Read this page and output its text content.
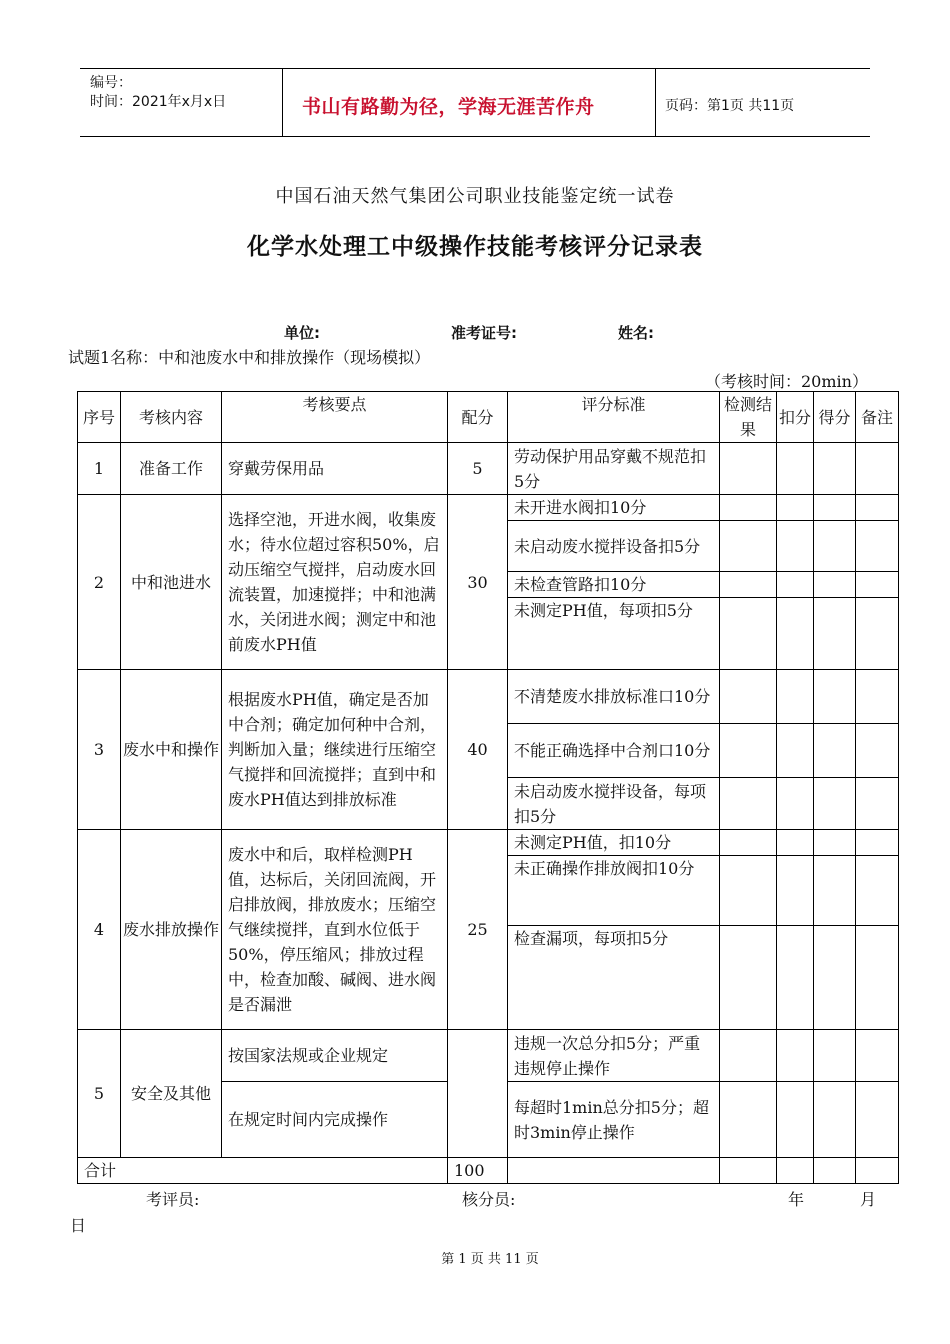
编号：
时间：2021年x月x日	书山有路勤为径，学海无涯苦作舟	页码：第1页 共11页
中国石油天然气集团公司职业技能鉴定统一试卷
化学水处理工中级操作技能考核评分记录表
单位:	准考证号:	姓名:
试题1名称：中和池废水中和排放操作（现场模拟）
（考核时间：20min）
序号	考核内容	考核要点	配分	评分标准	检测结果	扣分	得分	备注
1	准备工作	穿戴劳保用品	5	劳动保护用品穿戴不规范扣5分				
2	中和池进水	选择空池，开进水阀，收集废水；待水位超过容积50%，启动压缩空气搅拌，启动废水回流装置，加速搅拌；中和池满水，关闭进水阀；测定中和池前废水PH值	30	未开进水阀扣10分				
				未启动废水搅拌设备扣5分				
				未检查管路扣10分				
				未测定PH值，每项扣5分				
3	废水中和操作	根据废水PH值，确定是否加中合剂；确定加何种中合剂，判断加入量；继续进行压缩空气搅拌和回流搅拌；直到中和废水PH值达到排放标准	40	不清楚废水排放标准口10分				
				不能正确选择中合剂口10分				
				未启动废水搅拌设备，每项扣5分				
4	废水排放操作	废水中和后，取样检测PH值，达标后，关闭回流阀，开启排放阀，排放废水；压缩空气继续搅拌，直到水位低于50%，停压缩风；排放过程中，检查加酸、碱阀、进水阀是否漏泄	25	未测定PH值，扣10分				
				未正确操作排放阀扣10分				
				检查漏项，每项扣5分				
5	安全及其他	按国家法规或企业规定		违规一次总分扣5分；严重违规停止操作				
		在规定时间内完成操作		每超时1min总分扣5分；超时3min停止操作				
合计			100					
考评员:	核分员:	年	月
日
第 1 页 共 11 页
